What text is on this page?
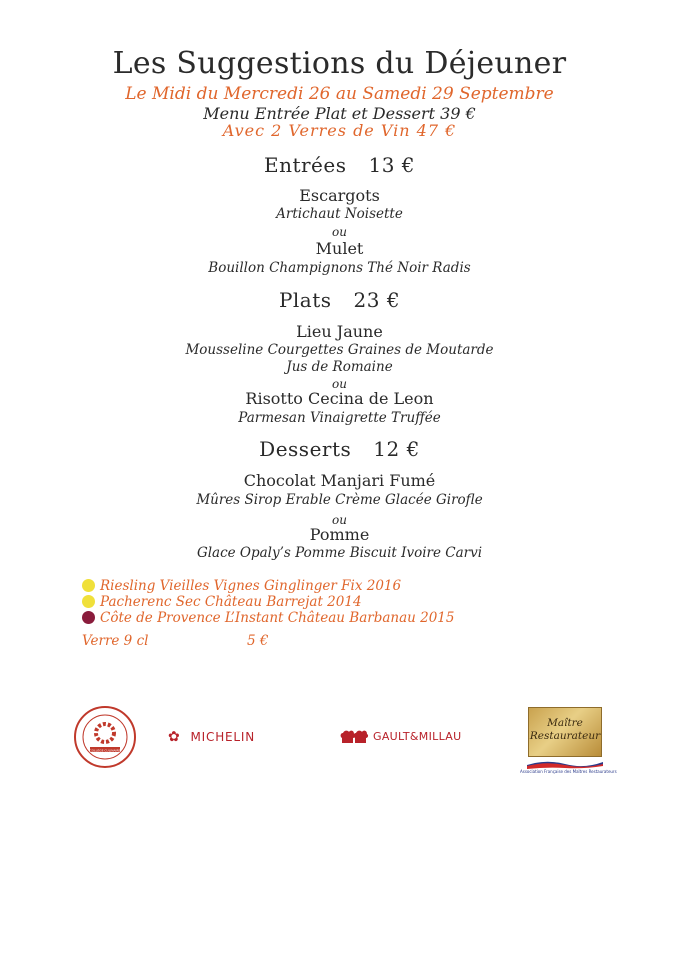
Les Suggestions du Déjeuner
Le Midi du Mercredi 26 au Samedi 29 Septembre
Menu Entrée Plat et Dessert 39 €
Avec 2 Verres de Vin 47 €
Entrées 13 €
Escargots
Artichaut Noisette
ou
Mulet
Bouillon Champignons Thé Noir Radis
Plats 23 €
Lieu Jaune
Mousseline Courgettes Graines de Moutarde
Jus de Romaine
ou
Risotto Cecina de Leon
Parmesan Vinaigrette Truffée
Desserts 12 €
Chocolat Manjari Fumé
Mûres Sirop Erable Crème Glacée Girofle
ou
Pomme
Glace Opaly’s Pomme Biscuit Ivoire Carvi
Riesling Vieilles Vignes Ginglinger Fix 2016
Pacherenc Sec Château Barrejat 2014
Côte de Provence L’Instant Château Barbanau 2015
Verre 9 cl	5 €
COLLÈGE CULINAIRE
✿ MICHELIN	GAULT&MILLAU
Maître
Restaurateur
Association Française des Maîtres Restaurateurs
